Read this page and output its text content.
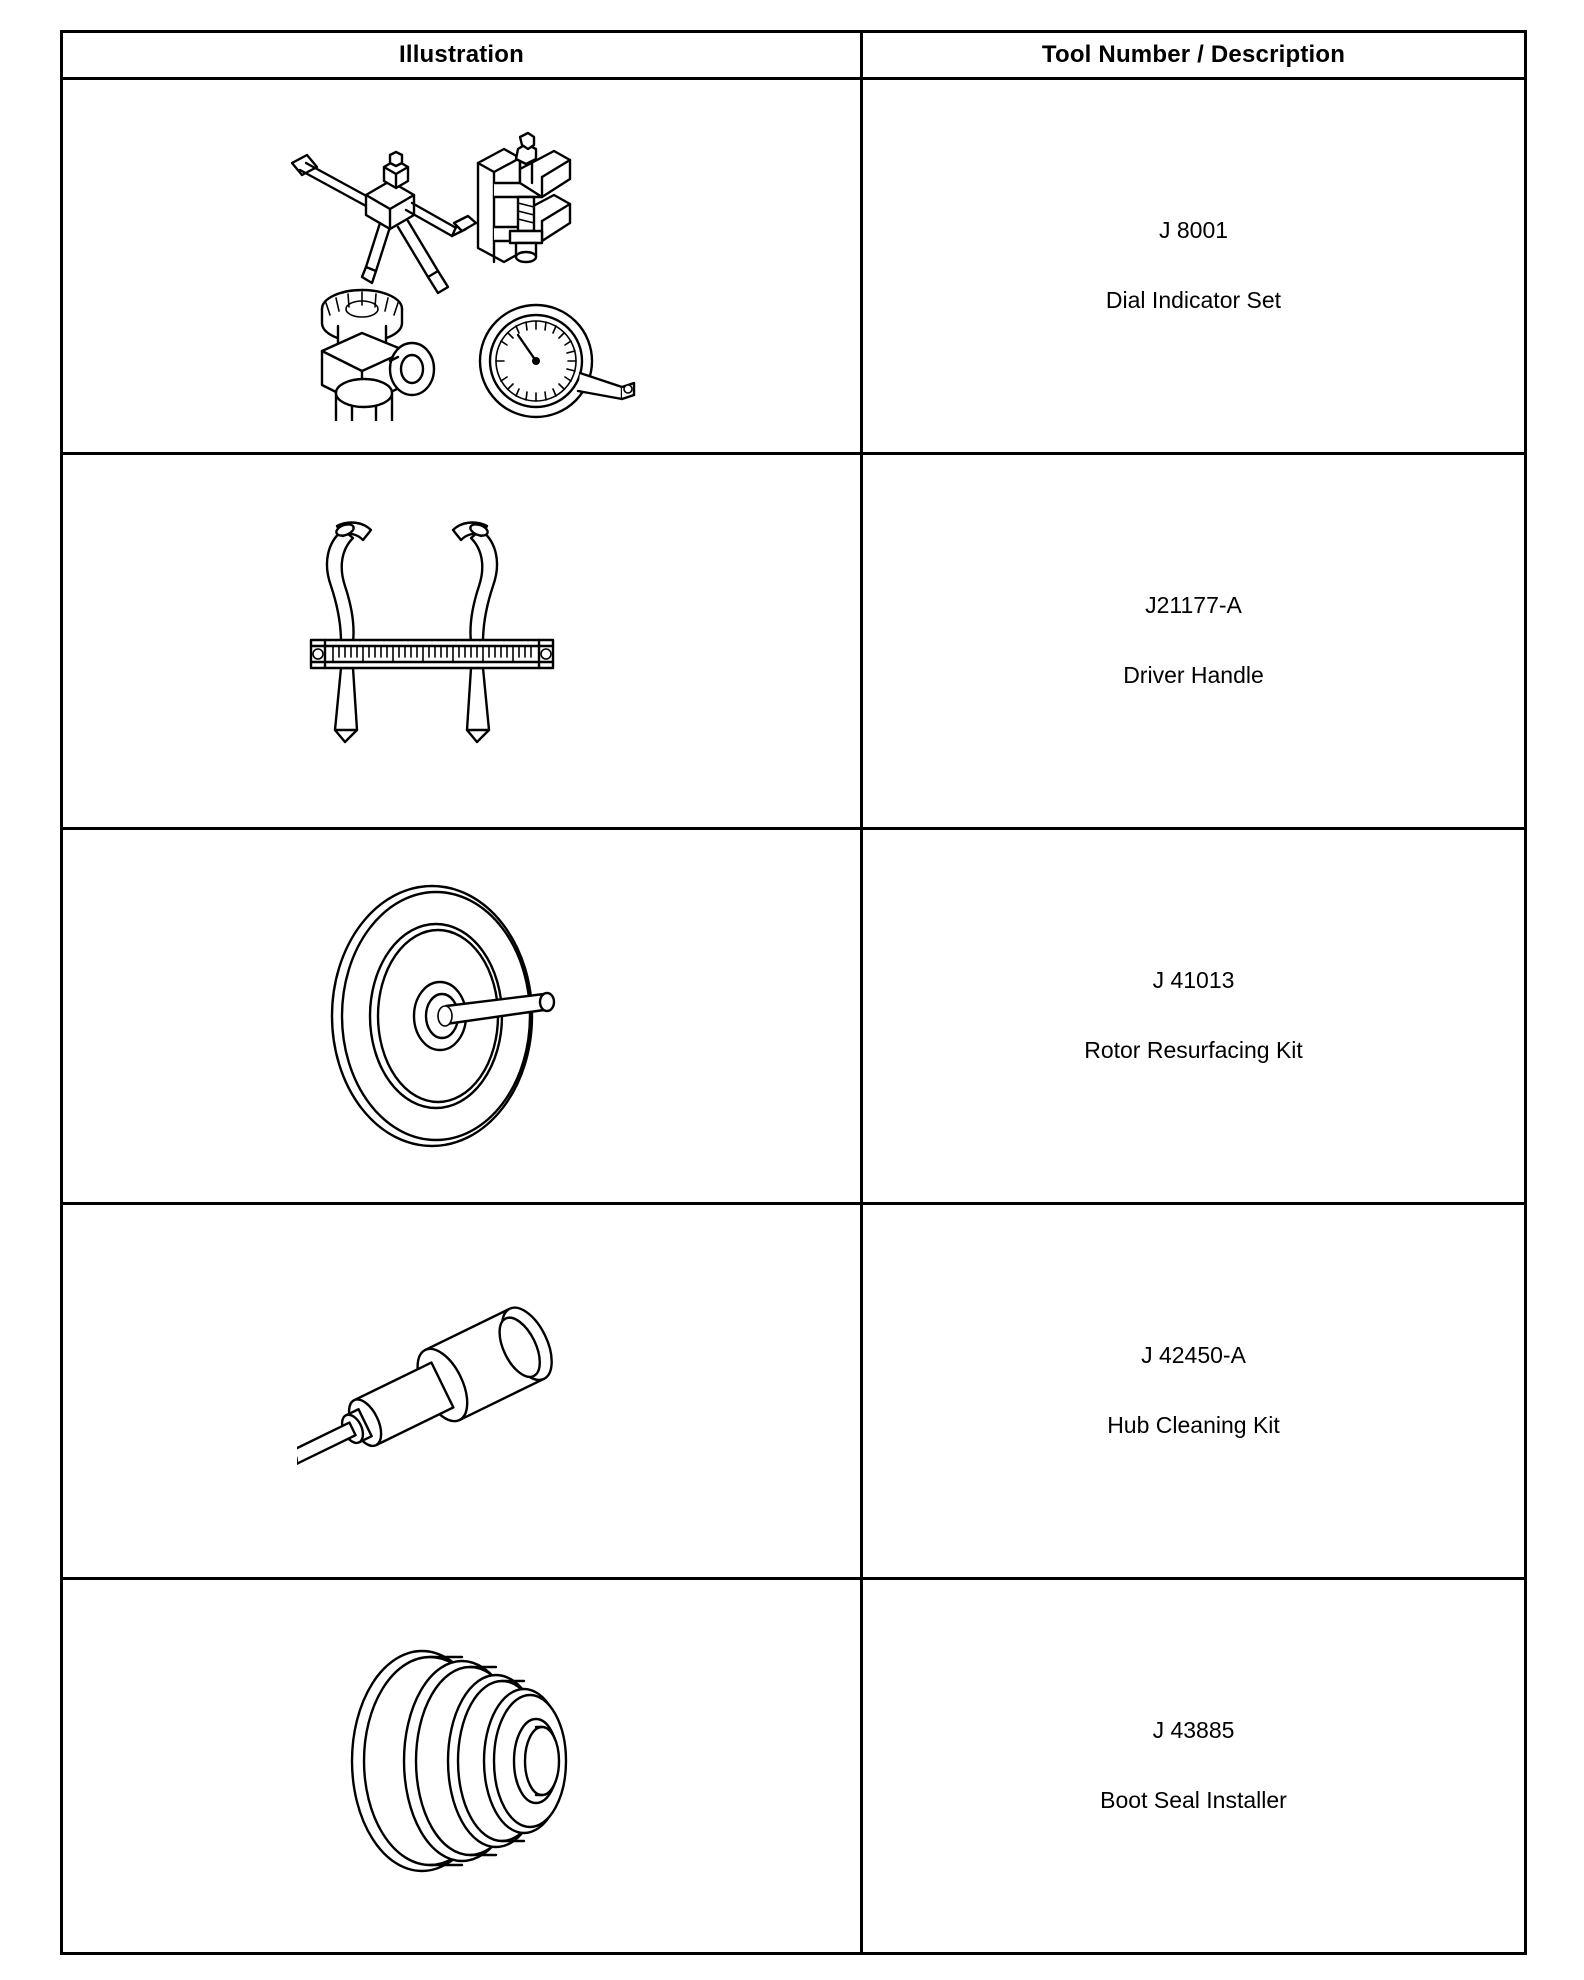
Illustration	Tool Number / Description

J 8001
Dial Indicator Set

J21177-A
Driver Handle

J 41013
Rotor Resurfacing Kit

J 42450-A
Hub Cleaning Kit

J 43885
Boot Seal Installer
